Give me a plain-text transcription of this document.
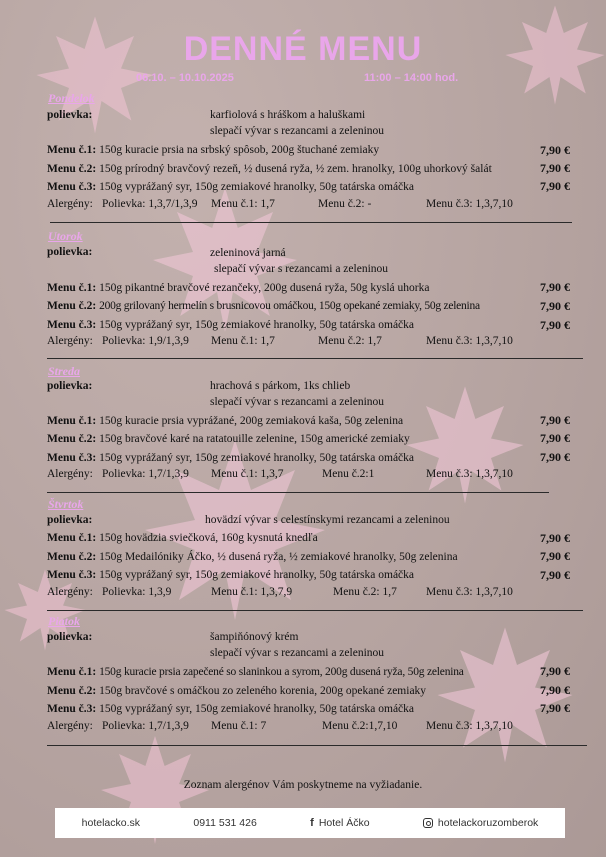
DENNÉ MENU
06.10. – 10.10.2025	11:00 – 14:00 hod.
Pondelok
polievka:	karfiolová s hráškom a haluškami
slepačí vývar s rezancami a zeleninou
Menu č.1: 150g kuracie prsia na srbský spôsob, 200g štuchané zemiaky	7,90 €
Menu č.2: 150g prírodný bravčový rezeň, ½ dusená ryža, ½ zem. hranolky, 100g uhorkový šalát	7,90 €
Menu č.3: 150g vyprážaný syr, 150g zemiakové hranolky, 50g tatárska omáčka	7,90 €
Alergény: Polievka: 1,3,7/1,3,9 Menu č.1: 1,7	Menu č.2: -	Menu č.3: 1,3,7,10
Utorok
polievka:	zeleninová jarná
slepačí vývar s rezancami a zeleninou
Menu č.1: 150g pikantné bravčové rezančeky, 200g dusená ryža, 50g kyslá uhorka	7,90 €
Menu č.2: 200g grilovaný hermelín s brusnicovou omáčkou, 150g opekané zemiaky, 50g zelenina	7,90 €
Menu č.3: 150g vyprážaný syr, 150g zemiakové hranolky, 50g tatárska omáčka	7,90 €
Alergény: Polievka: 1,9/1,3,9 Menu č.1: 1,7	Menu č.2: 1,7	Menu č.3: 1,3,7,10
Streda
polievka:	hrachová s párkom, 1ks chlieb
slepačí vývar s rezancami a zeleninou
Menu č.1: 150g kuracie prsia vyprážané, 200g zemiaková kaša, 50g zelenina	7,90 €
Menu č.2: 150g bravčové karé na ratatouille zelenine, 150g americké zemiaky	7,90 €
Menu č.3: 150g vyprážaný syr, 150g zemiakové hranolky, 50g tatárska omáčka	7,90 €
Alergény: Polievka: 1,7/1,3,9 Menu č.1: 1,3,7	Menu č.2:1	Menu č.3: 1,3,7,10
Štvrtok
polievka:	hovädzí vývar s celestínskymi rezancami a zeleninou
Menu č.1: 150g hovädzia sviečková, 160g kysnutá knedľa	7,90 €
Menu č.2: 150g Medailóniky Áčko, ½ dusená ryža, ½ zemiakové hranolky, 50g zelenina	7,90 €
Menu č.3: 150g vyprážaný syr, 150g zemiakové hranolky, 50g tatárska omáčka	7,90 €
Alergény: Polievka: 1,3,9	Menu č.1: 1,3,7,9	Menu č.2: 1,7	Menu č.3: 1,3,7,10
Piatok
polievka:	šampiňónový krém
slepačí vývar s rezancami a zeleninou
Menu č.1: 150g kuracie prsia zapečené so slaninkou a syrom, 200g dusená ryža, 50g zelenina	7,90 €
Menu č.2: 150g bravčové s omáčkou zo zeleného korenia, 200g opekané zemiaky	7,90 €
Menu č.3: 150g vyprážaný syr, 150g zemiakové hranolky, 50g tatárska omáčka	7,90 €
Alergény: Polievka: 1,7/1,3,9 Menu č.1: 7	Menu č.2:1,7,10 Menu č.3: 1,3,7,10
Zoznam alergénov Vám poskytneme na vyžiadanie.
hotelacko.sk	0911 531 426	f Hotel Áčko	hotelackoruzomberok
